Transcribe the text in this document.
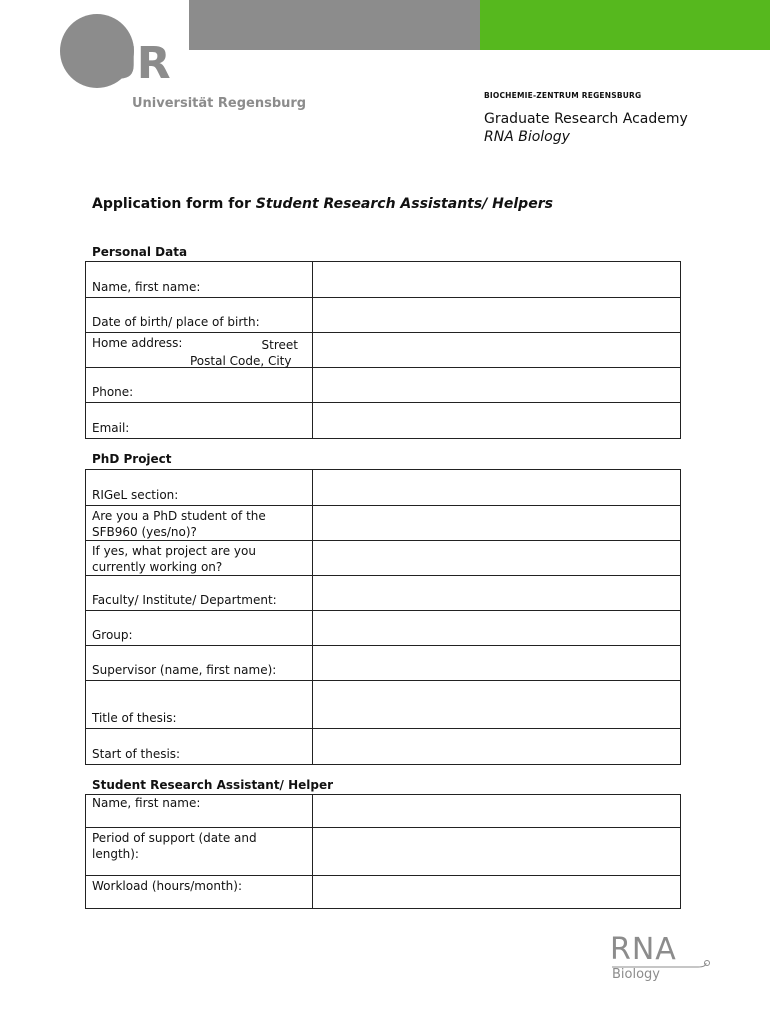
UR
Universität Regensburg
BIOCHEMIE-ZENTRUM REGENSBURG
Graduate Research Academy
RNA Biology
Application form for Student Research Assistants/ Helpers
Personal Data
Name, first name:
Date of birth/ place of birth:
Home address:	Street
Postal Code, City
Phone:
Email:
PhD Project
RIGeL section:
Are you a PhD student of the SFB960 (yes/no)?
If yes, what project are you currently working on?
Faculty/ Institute/ Department:
Group:
Supervisor (name, first name):
Title of thesis:
Start of thesis:
Student Research Assistant/ Helper
Name, first name:
Period of support (date and length):
Workload (hours/month):
RNA
Biology
